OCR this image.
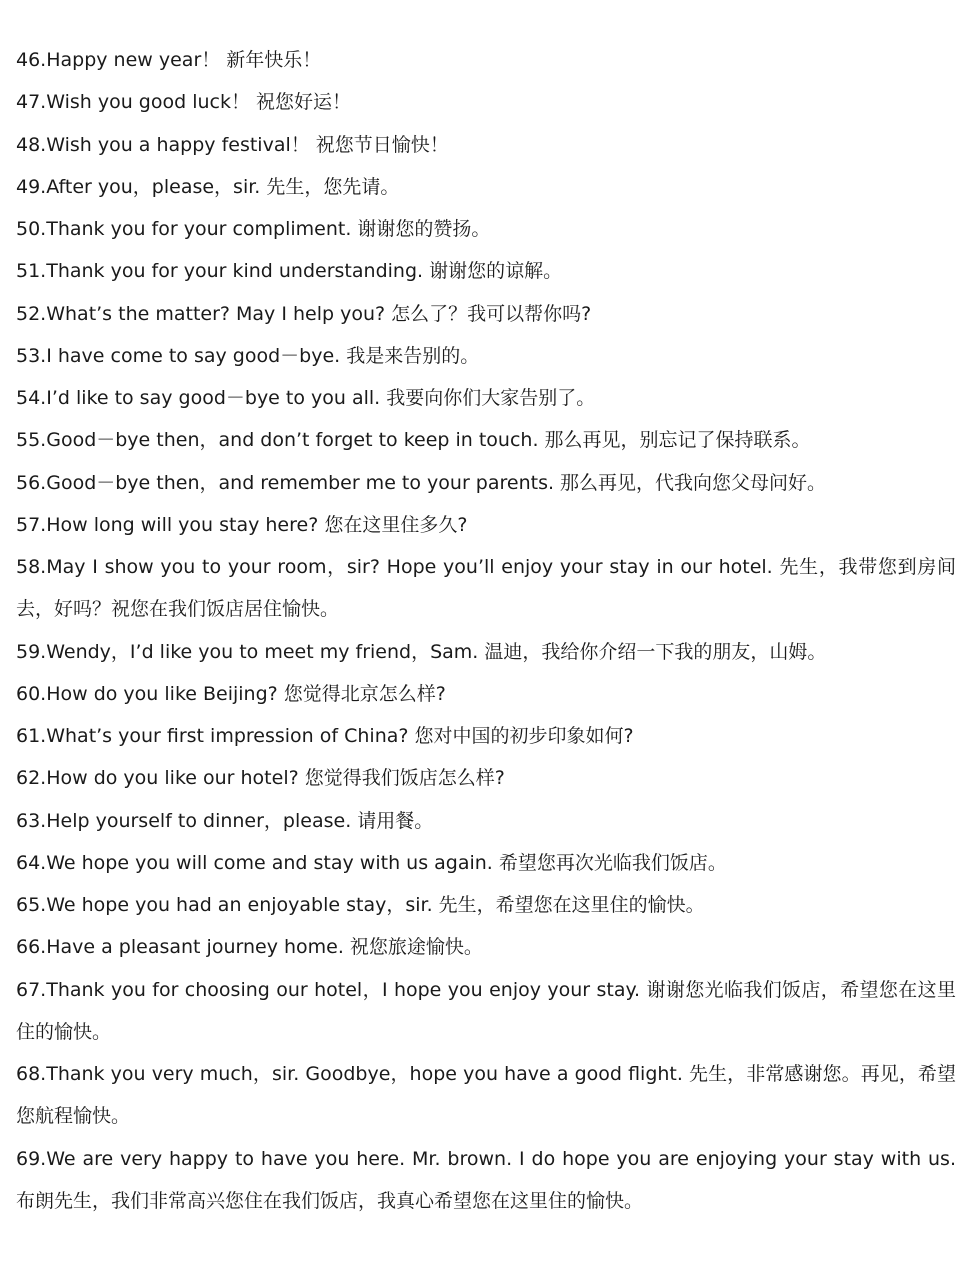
46.Happy new year！ 新年快乐！
47.Wish you good luck！ 祝您好运！
48.Wish you a happy festival！ 祝您节日愉快！
49.After you，please，sir. 先生，您先请。
50.Thank you for your compliment. 谢谢您的赞扬。
51.Thank you for your kind understanding. 谢谢您的谅解。
52.What’s the matter? May I help you? 怎么了？我可以帮你吗?
53.I have come to say good－bye. 我是来告别的。
54.I’d like to say good－bye to you all. 我要向你们大家告别了。
55.Good－bye then，and don’t forget to keep in touch. 那么再见，别忘记了保持联系。
56.Good－bye then，and remember me to your parents. 那么再见，代我向您父母问好。
57.How long will you stay here? 您在这里住多久?
58.May I show you to your room，sir? Hope you’ll enjoy your stay in our hotel. 先生，我带您到房间去，好吗？祝您在我们饭店居住愉快。
59.Wendy，I’d like you to meet my friend，Sam. 温迪，我给你介绍一下我的朋友，山姆。
60.How do you like Beijing? 您觉得北京怎么样?
61.What’s your first impression of China? 您对中国的初步印象如何?
62.How do you like our hotel? 您觉得我们饭店怎么样?
63.Help yourself to dinner，please. 请用餐。
64.We hope you will come and stay with us again. 希望您再次光临我们饭店。
65.We hope you had an enjoyable stay，sir. 先生，希望您在这里住的愉快。
66.Have a pleasant journey home. 祝您旅途愉快。
67.Thank you for choosing our hotel，I hope you enjoy your stay. 谢谢您光临我们饭店，希望您在这里住的愉快。
68.Thank you very much，sir. Goodbye，hope you have a good flight. 先生，非常感谢您。再见，希望您航程愉快。
69.We are very happy to have you here. Mr. brown. I do hope you are enjoying your stay with us. 布朗先生，我们非常高兴您住在我们饭店，我真心希望您在这里住的愉快。
